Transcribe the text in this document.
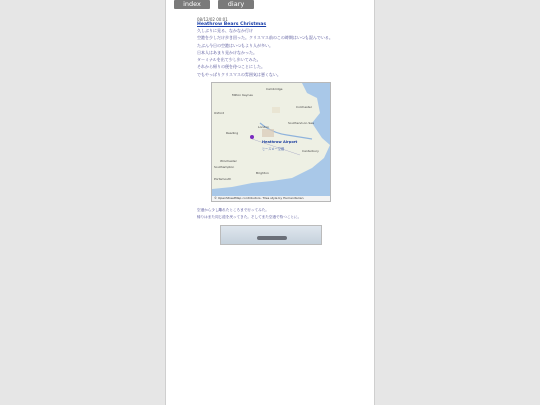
index	diary index
08/12/02 00:01
Heathrow Bears Christmas
久しぶりに見る、なかなか行け
空港を少しだけ歩き回った。クリスマス前のこの時期はいつも混んでいる。
たぶん今日の空港はいつもより人が多い。
日本人はあまり見かけなかった。
ターミナルを出て少し歩いてみた。
それから帰りの便を待つことにした。
でもやっぱりクリスマスの雰囲気は悪くない。
Cambridge
Milton Keynes
Colchester
Oxford
London
Southend-on-Sea
Reading
Canterbury
Winchester
Brighton
Southampton
Portsmouth
Heathrow Airport
ヒースロー空港
© OpenStreetMap contributors. Tiles style by Humanitarian
空港から少し離れたところまで行ってみた。
帰りはまた同じ道を戻ってきた。そしてまた空港で待つことに。
